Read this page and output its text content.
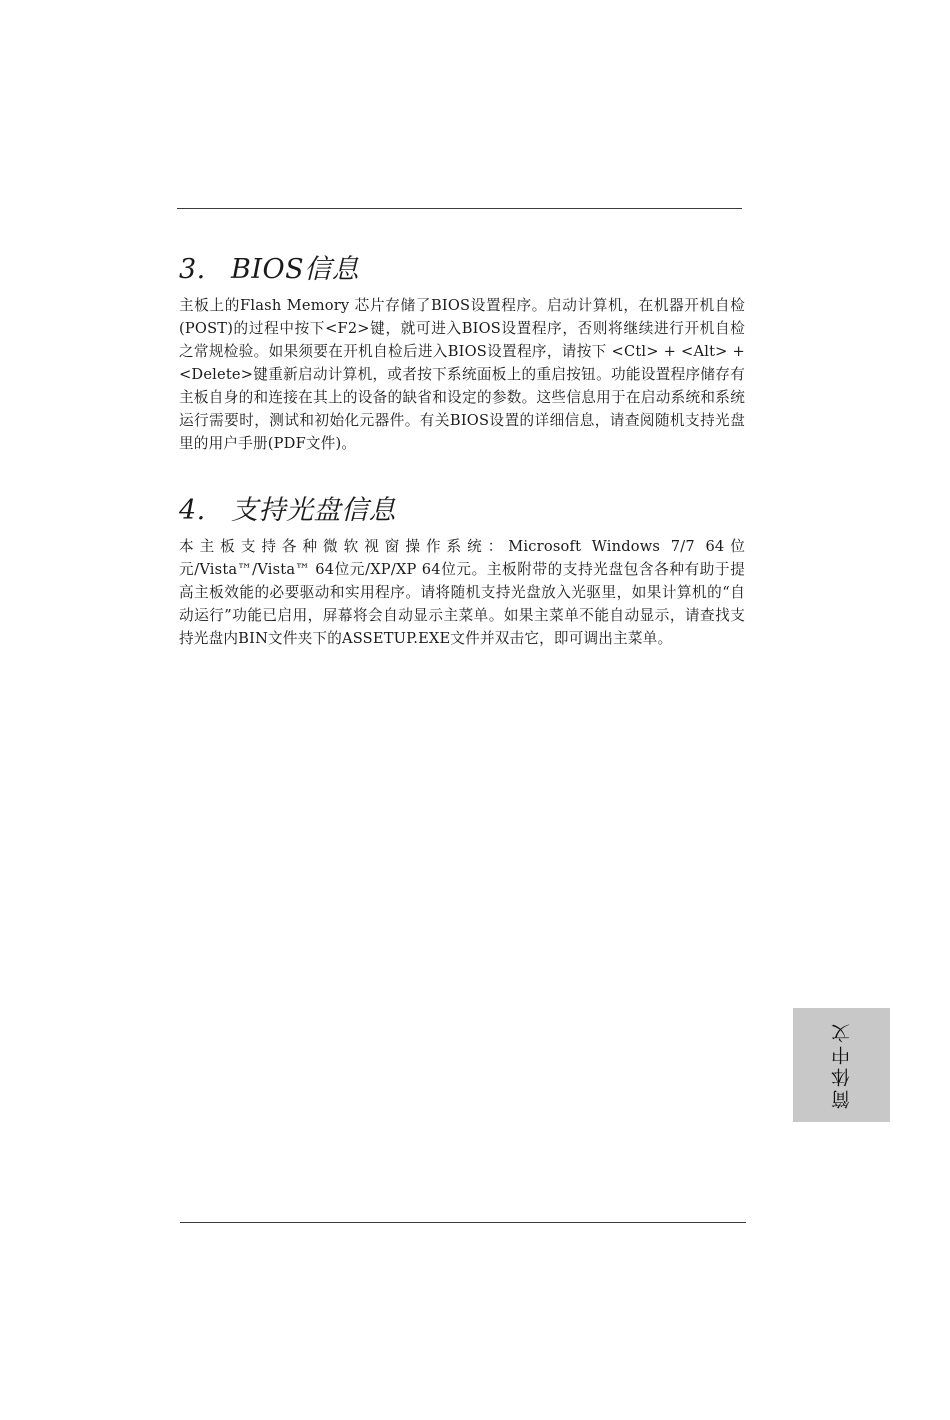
3. BIOS信息

主板上的Flash Memory 芯片存储了BIOS设置程序。启动计算机，在机器开机自检(POST)的过程中按下<F2>键，就可进入BIOS设置程序，否则将继续进行开机自检之常规检验。如果须要在开机自检后进入BIOS设置程序，请按下 <Ctl> + <Alt> + <Delete>键重新启动计算机，或者按下系统面板上的重启按钮。功能设置程序储存有主板自身的和连接在其上的设备的缺省和设定的参数。这些信息用于在启动系统和系统运行需要时，测试和初始化元器件。有关BIOS设置的详细信息，请查阅随机支持光盘里的用户手册(PDF文件)。

4. 支持光盘信息

本主板支持各种微软视窗操作系统：Microsoft Windows 7/7 64位元/Vista™/Vista™ 64位元/XP/XP 64位元。主板附带的支持光盘包含各种有助于提高主板效能的必要驱动和实用程序。请将随机支持光盘放入光驱里，如果计算机的“自动运行”功能已启用，屏幕将会自动显示主菜单。如果主菜单不能自动显示，请查找支持光盘内BIN文件夹下的ASSETUP.EXE文件并双击它，即可调出主菜单。

简体中文
